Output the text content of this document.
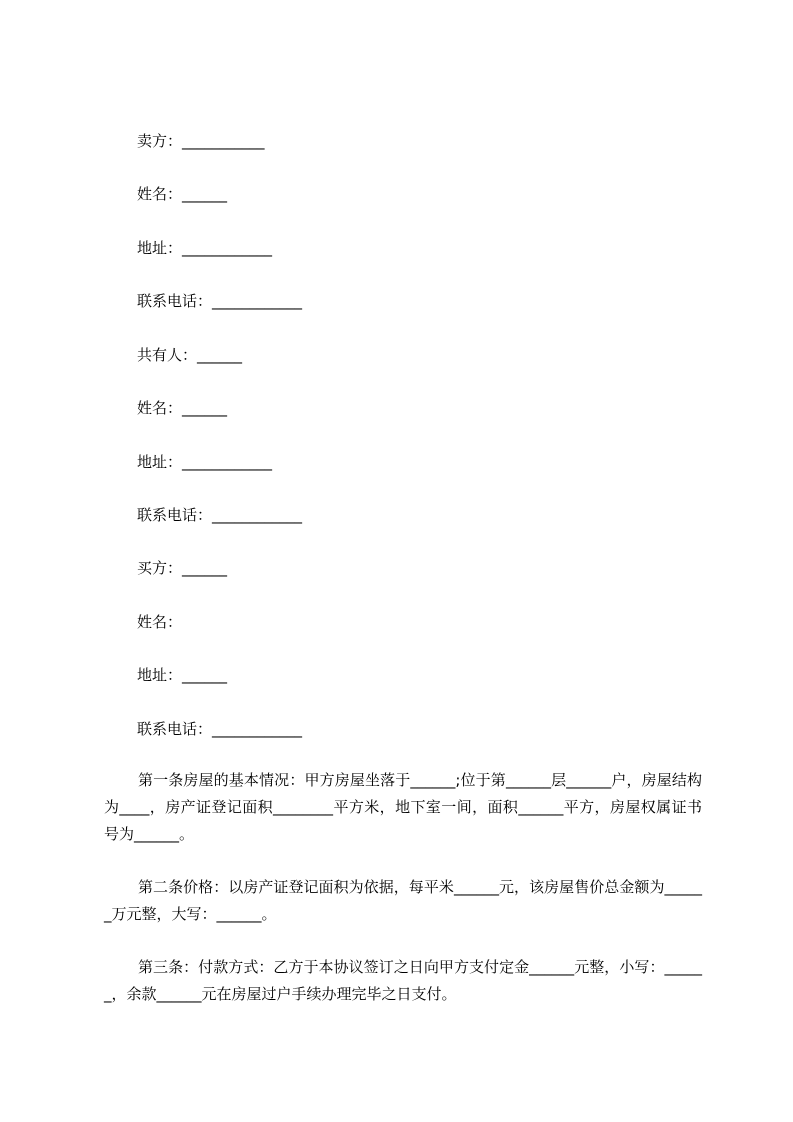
卖方：___________

姓名：______

地址：____________

联系电话：____________

共有人：______

姓名：______

地址：____________

联系电话：____________

买方：______

姓名：

地址：______

联系电话：____________

第一条房屋的基本情况：甲方房屋坐落于______;位于第______层______户，房屋结构为____，房产证登记面积________平方米，地下室一间，面积______平方，房屋权属证书号为______。

第二条价格：以房产证登记面积为依据，每平米______元，该房屋售价总金额为______万元整，大写：______。

第三条：付款方式：乙方于本协议签订之日向甲方支付定金______元整，小写：______，余款______元在房屋过户手续办理完毕之日支付。
